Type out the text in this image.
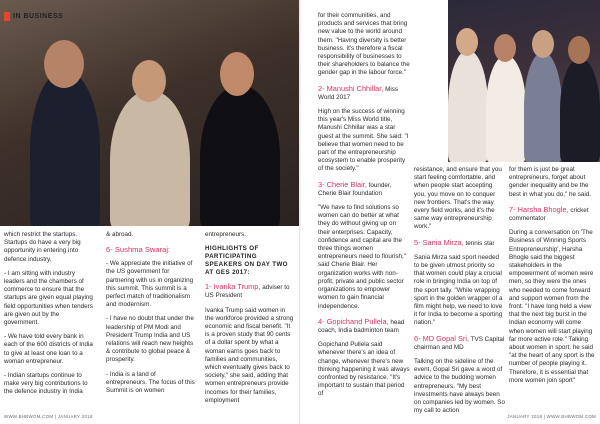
IN BUSINESS

which restrict the startups. Startups do have a very big opportunity in entering into defence industry.

- I am sitting with industry leaders and the chambers of commerce to ensure that the startups are given equal playing field opportunities when tenders are given out by the government.

- We have told every bank in each of the 600 districts of India to give at least one loan to a woman entrepreneur.

- Indian startups continue to make very big contributions to the defence industry in India

& abroad.

6- Sushma Swaraj:

- We appreciate the initiative of the US government for partnering with us in organizing this summit. This summit is a perfect match of traditionalism and modernism.

- I have no doubt that under the leadership of PM Modi and President Trump India and US relations will reach new heights & contribute to global peace & prosperity.

- India is a land of entrepreneurs. The focus of this Summit is on women

entrepreneurs.

HIGHLIGHTS OF PARTICIPATING SPEAKERS ON DAY TWO AT GES 2017:

1- Ivanka Trump, adviser to US President

Ivanka Trump said women in the workforce provided a strong economic and fiscal benefit. "It is a proven study that 90 cents of a dollar spent by what a woman earns goes back to families and communities, which eventually gives back to society," she said, adding that women entrepreneurs provide incomes for their families, employment

for their communities, and products and services that bring new value to the world around them. "Having diversity is better business. It's therefore a fiscal responsibility of businesses to their shareholders to balance the gender gap in the labour force."

2- Manushi Chhillar, Miss World 2017

High on the success of winning this year's Miss World title, Manushi Chhillar was a star guest at the summit. She said: "I believe that women need to be part of the entrepreneurship ecosystem to enable prosperity of the society."

3- Cherie Blair, founder, Cherie Blair foundation

"We have to find solutions so women can do better at what they do without giving up on their enterprises. Capacity, confidence and capital are the three things women entrepreneurs need to flourish," said Cherie Blair. Her organization works with non-profit, private and public sector organizations to empower women to gain financial independence.

4- Gopichand Pullela, head coach, India badminton team

Gopichand Pullela said whenever there's an idea of change, whenever there's new thinking happening it was always confronted by resistance. "It's important to sustain that period of

resistance, and ensure that you start feeling comfortable, and when people start accepting you, you move on to conquer new frontiers. That's the way every field works, and it's the same way entrepreneurship work."

5- Sania Mirza, tennis star

Sania Mirza said sport needed to be given utmost priority so that women could play a crucial role in bringing India on top of the sport tally. "While wrapping sport in the golden wrapper of a film might help, we need to love it for India to become a sporting nation."

6- MD Gopal Sri, TVS Capital chairman and MD

Talking on the sideline of the event, Gopal Sri gave a word of advice to the budding women entrepreneurs. "My best investments have always been on companies led by women. So my call to action

for them is just be great entrepreneurs, forget about gender inequality and be the best in what you do," he said.

7- Harsha Bhogle, cricket commentator

During a conversation on 'The Business of Winning Sports Entrepreneurship', Harsha Bhogle said the biggest stakeholders in the empowerment of women were men, so they were the ones who needed to come forward and support women from the front. "I have long held a view that the next big burst in the Indian economy will come when women will start playing far more active role." Talking about women in sport, he said "at the heart of any sport is the number of people playing it. Therefore, it is essential that more women join sport"

WWW.BHBWOM.COM | JANUARY 2018	JANUARY 2018 | WWW.BHBWOM.COM
